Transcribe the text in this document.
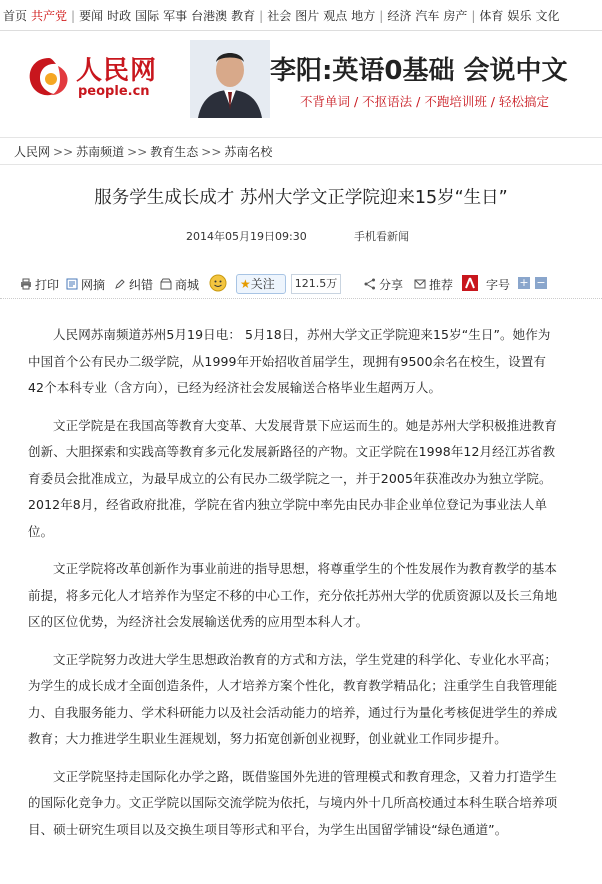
首页 共产党 | 要闻 时政 国际 军事 台港澳 教育 | 社会 图片 观点 地方 | 经济 汽车 房产 | 体育 娱乐 文化
人民网
people.cn
李阳:英语0基础 会说中文
不背单词 / 不抠语法 / 不跑培训班 / 轻松搞定
人民网 >> 苏南频道 >> 教育生态 >> 苏南名校
服务学生成长成才 苏州大学文正学院迎来15岁“生日”
2014年05月19日09:30	手机看新闻
打印	网摘	纠错	商城	★关注	121.5万	分享	推荐	字号 + −

人民网苏南频道苏州5月19日电： 5月18日，苏州大学文正学院迎来15岁“生日”。她作为中国首个公有民办二级学院，从1999年开始招收首届学生，现拥有9500余名在校生，设置有42个本科专业（含方向），已经为经济社会发展输送合格毕业生超两万人。

文正学院是在我国高等教育大变革、大发展背景下应运而生的。她是苏州大学积极推进教育创新、大胆探索和实践高等教育多元化发展新路径的产物。文正学院在1998年12月经江苏省教育委员会批准成立，为最早成立的公有民办二级学院之一，并于2005年获准改办为独立学院。2012年8月，经省政府批准，学院在省内独立学院中率先由民办非企业单位登记为事业法人单位。

文正学院将改革创新作为事业前进的指导思想，将尊重学生的个性发展作为教育教学的基本前提，将多元化人才培养作为坚定不移的中心工作，充分依托苏州大学的优质资源以及长三角地区的区位优势，为经济社会发展输送优秀的应用型本科人才。

文正学院努力改进大学生思想政治教育的方式和方法，学生党建的科学化、专业化水平高；为学生的成长成才全面创造条件，人才培养方案个性化，教育教学精品化；注重学生自我管理能力、自我服务能力、学术科研能力以及社会活动能力的培养，通过行为量化考核促进学生的养成教育；大力推进学生职业生涯规划，努力拓宽创新创业视野，创业就业工作同步提升。

文正学院坚持走国际化办学之路，既借鉴国外先进的管理模式和教育理念，又着力打造学生的国际化竞争力。文正学院以国际交流学院为依托，与境内外十几所高校通过本科生联合培养项目、硕士研究生项目以及交换生项目等形式和平台，为学生出国留学铺设“绿色通道”。
